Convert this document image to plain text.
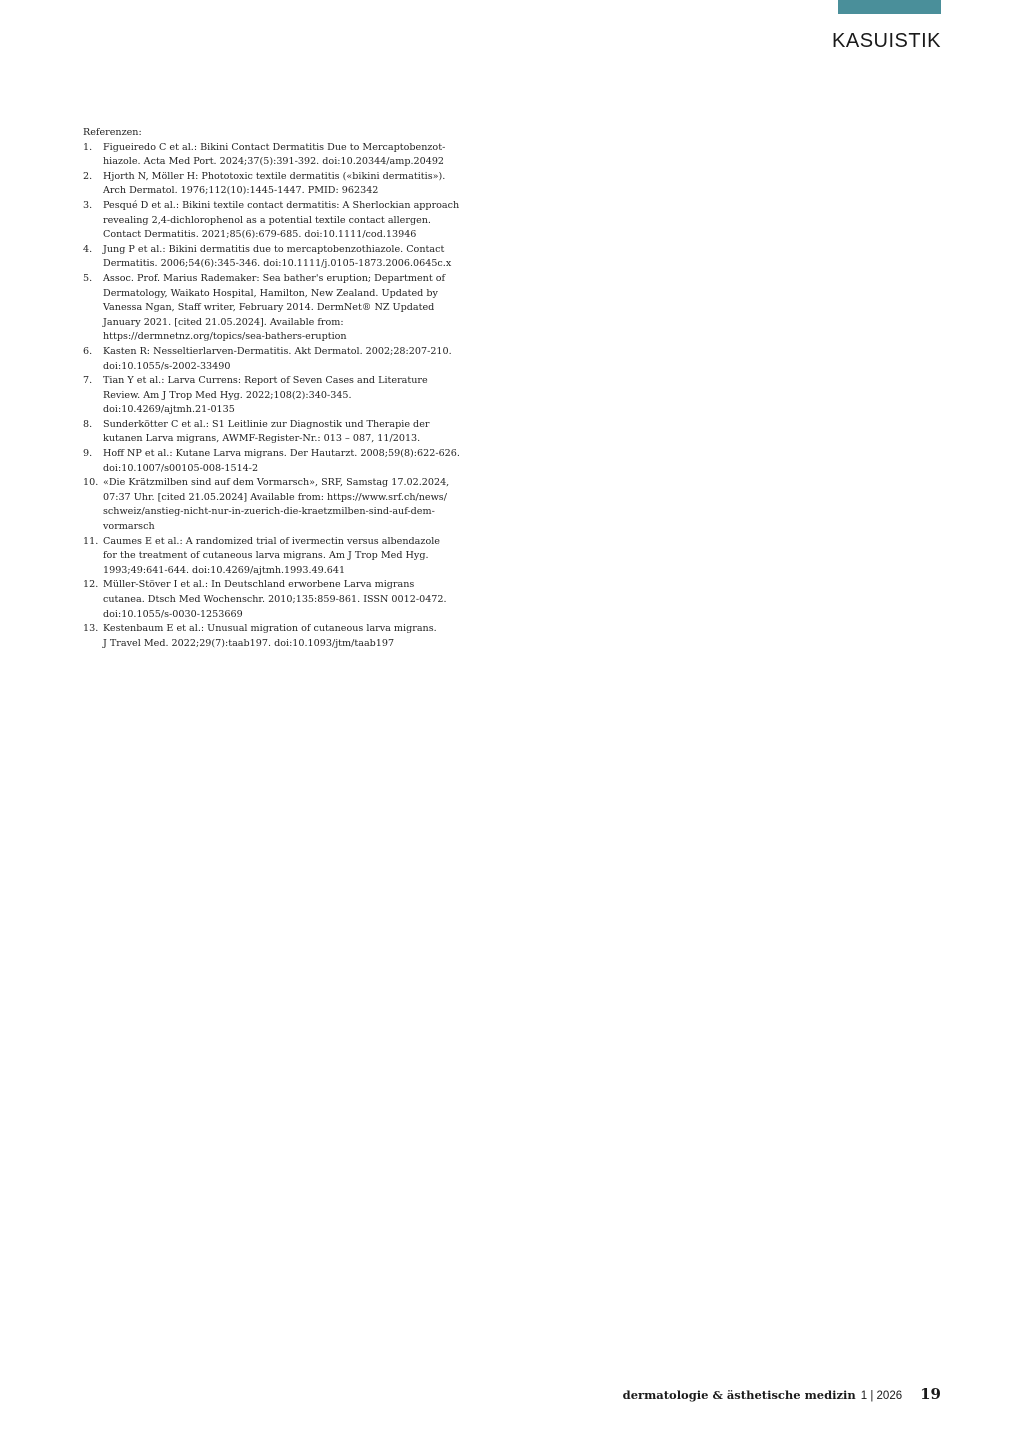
KASUISTIK
Referenzen:
1.	Figueiredo C et al.: Bikini Contact Dermatitis Due to Mercaptobenzot-
hiazole. Acta Med Port. 2024;37(5):391-392. doi:10.20344/amp.20492
2.	Hjorth N, Möller H: Phototoxic textile dermatitis («bikini dermatitis»).
Arch Dermatol. 1976;112(10):1445-1447. PMID: 962342
3.	Pesqué D et al.: Bikini textile contact dermatitis: A Sherlockian approach
revealing 2,4-dichlorophenol as a potential textile contact allergen.
Contact Dermatitis. 2021;85(6):679-685. doi:10.1111/cod.13946
4.	Jung P et al.: Bikini dermatitis due to mercaptobenzothiazole. Contact
Dermatitis. 2006;54(6):345-346. doi:10.1111/j.0105-1873.2006.0645c.x
5.	Assoc. Prof. Marius Rademaker: Sea bather's eruption; Department of
Dermatology, Waikato Hospital, Hamilton, New Zealand. Updated by
Vanessa Ngan, Staff writer, February 2014. DermNet® NZ Updated
January 2021. [cited 21.05.2024]. Available from:
https://dermnetnz.org/topics/sea-bathers-eruption
6.	Kasten R: Nesseltierlarven-Dermatitis. Akt Dermatol. 2002;28:207-210.
doi:10.1055/s-2002-33490
7.	Tian Y et al.: Larva Currens: Report of Seven Cases and Literature
Review. Am J Trop Med Hyg. 2022;108(2):340-345.
doi:10.4269/ajtmh.21-0135
8.	Sunderkötter C et al.: S1 Leitlinie zur Diagnostik und Therapie der
kutanen Larva migrans, AWMF-Register-Nr.: 013 – 087, 11/2013.
9.	Hoff NP et al.: Kutane Larva migrans. Der Hautarzt. 2008;59(8):622-626.
doi:10.1007/s00105-008-1514-2
10. «Die Krätzmilben sind auf dem Vormarsch», SRF, Samstag 17.02.2024,
07:37 Uhr. [cited 21.05.2024] Available from: https://www.srf.ch/news/
schweiz/anstieg-nicht-nur-in-zuerich-die-kraetzmilben-sind-auf-dem-
vormarsch
11. Caumes E et al.: A randomized trial of ivermectin versus albendazole
for the treatment of cutaneous larva migrans. Am J Trop Med Hyg.
1993;49:641-644. doi:10.4269/ajtmh.1993.49.641
12. Müller-Stöver I et al.: In Deutschland erworbene Larva migrans
cutanea. Dtsch Med Wochenschr. 2010;135:859-861. ISSN 0012-0472.
doi:10.1055/s-0030-1253669
13. Kestenbaum E et al.: Unusual migration of cutaneous larva migrans.
J Travel Med. 2022;29(7):taab197. doi:10.1093/jtm/taab197
dermatologie & ästhetische medizin 1 | 2026 19
